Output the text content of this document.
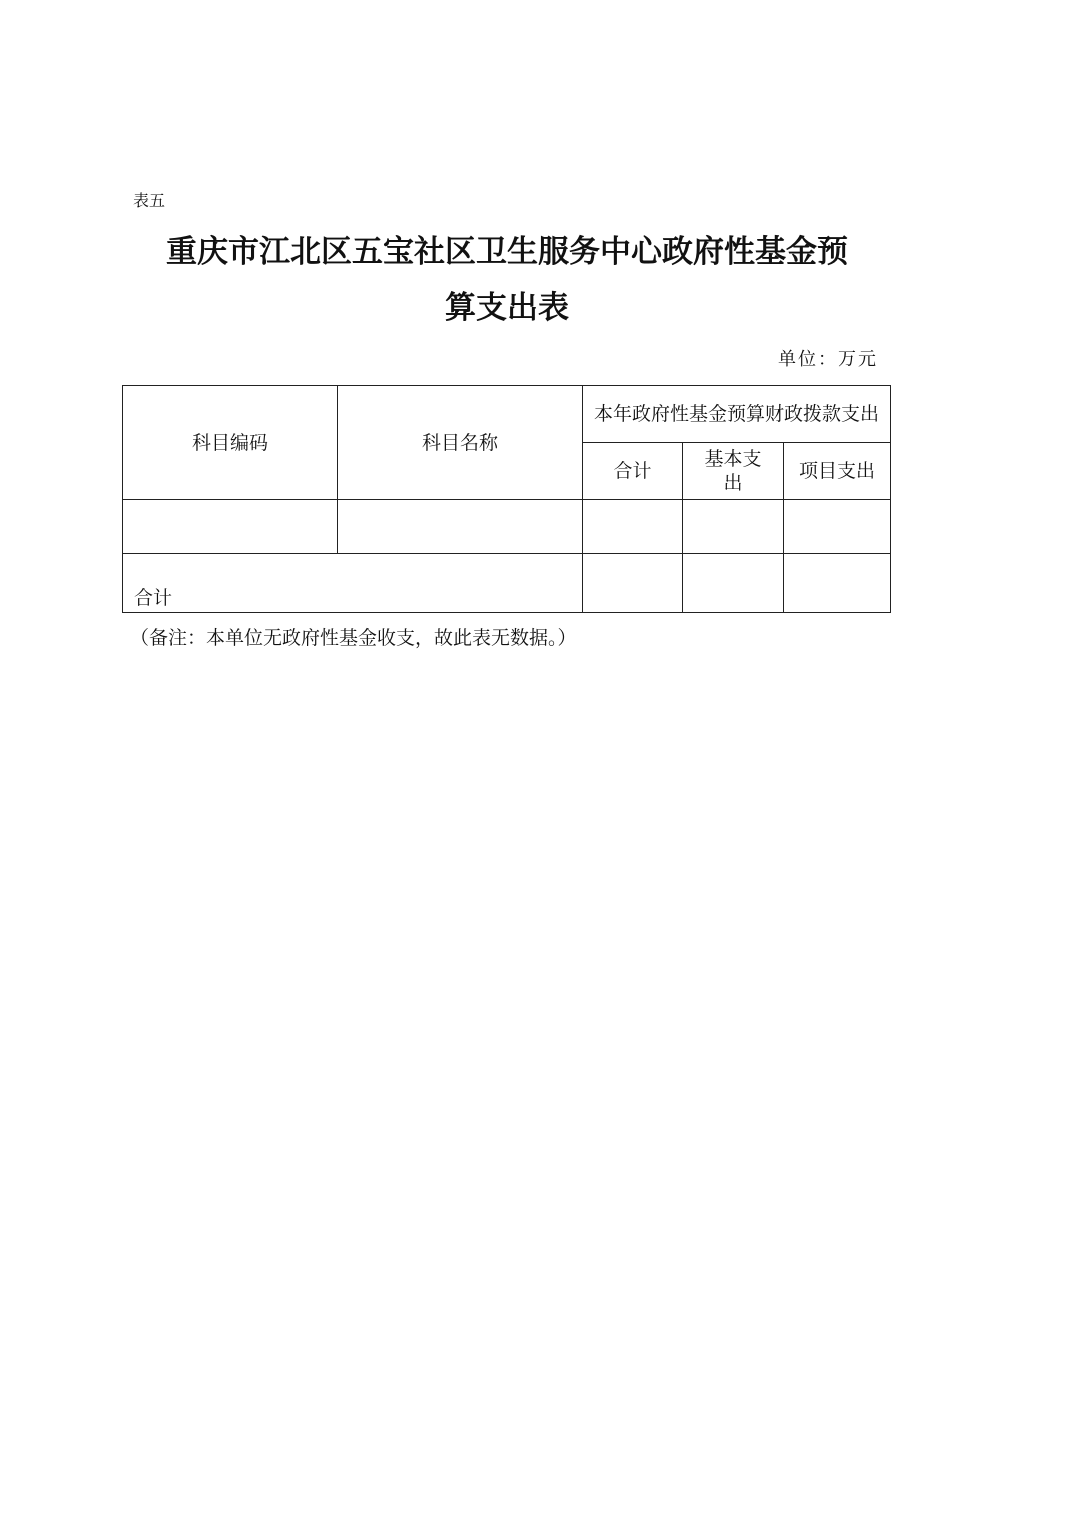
表五
重庆市江北区五宝社区卫生服务中心政府性基金预
算支出表
单位：万元
科目编码	科目名称	本年政府性基金预算财政拨款支出		
		合计	基本支出	项目支出

合计				
（备注：本单位无政府性基金收支，故此表无数据。）
